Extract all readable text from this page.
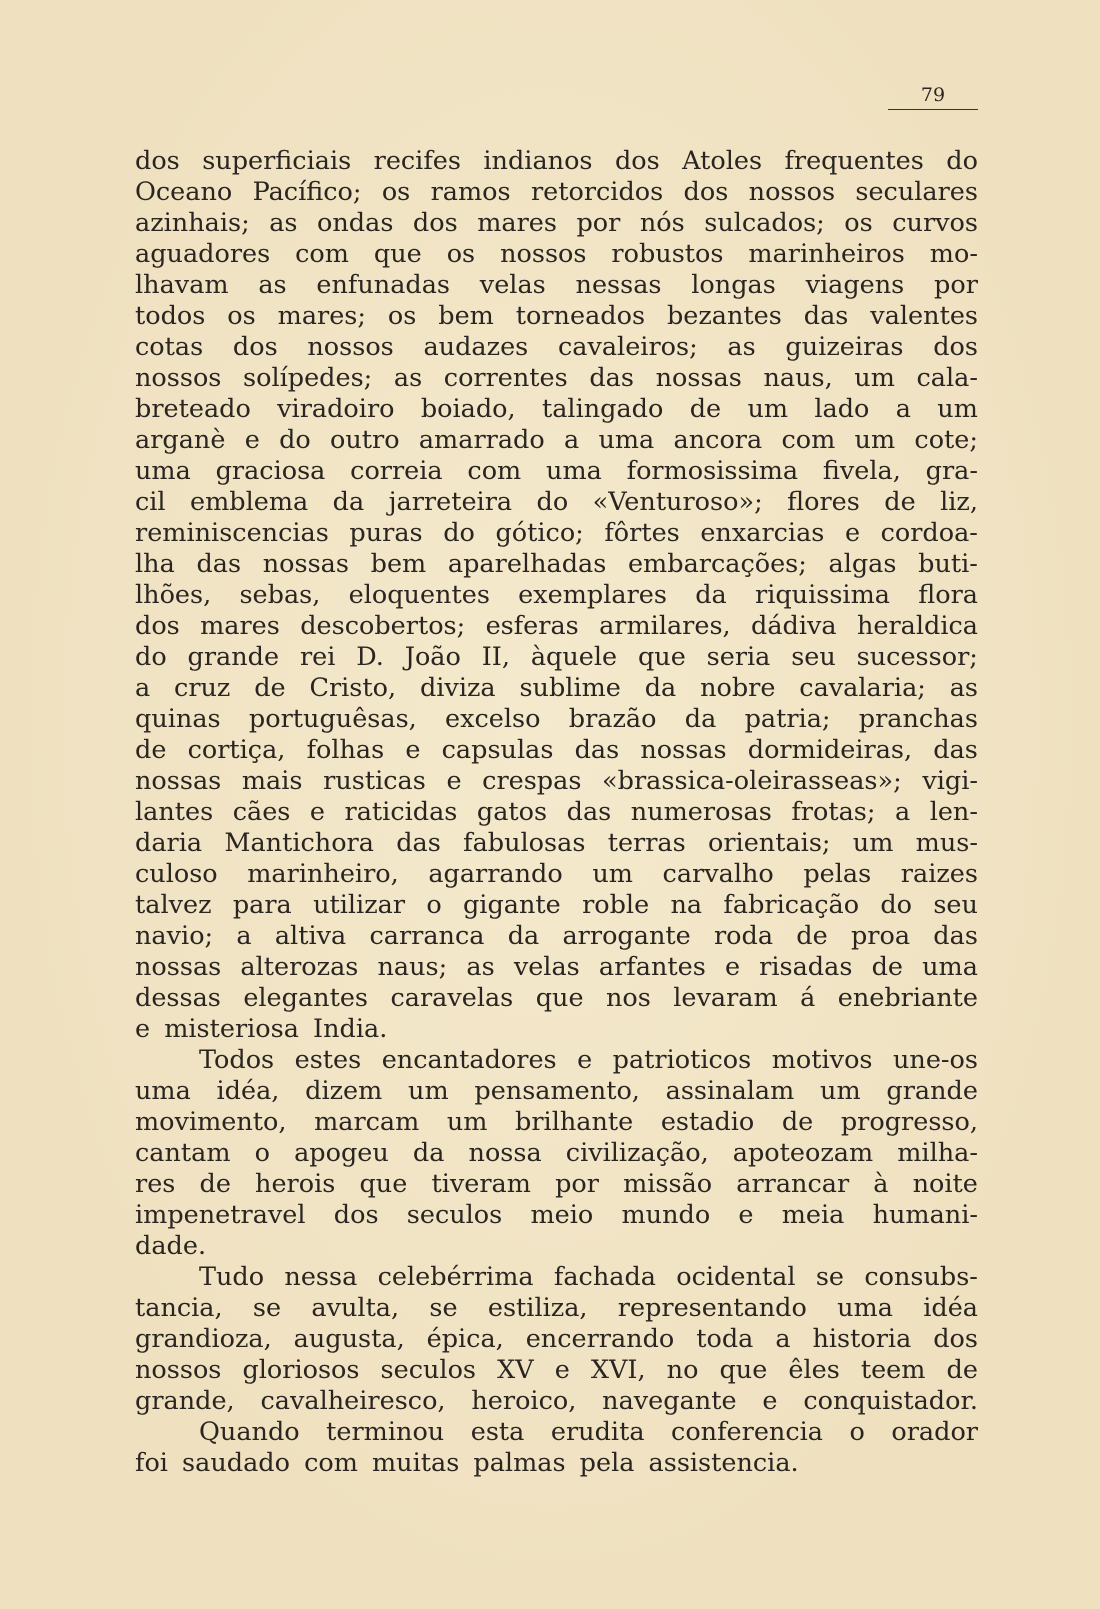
79
dos superficiais recifes indianos dos Atoles frequentes do
Oceano Pacífico; os ramos retorcidos dos nossos seculares
azinhais; as ondas dos mares por nós sulcados; os curvos
aguadores com que os nossos robustos marinheiros mo-
lhavam as enfunadas velas nessas longas viagens por
todos os mares; os bem torneados bezantes das valentes
cotas dos nossos audazes cavaleiros; as guizeiras dos
nossos solípedes; as correntes das nossas naus, um cala-
breteado viradoiro boiado, talingado de um lado a um
arganè e do outro amarrado a uma ancora com um cote;
uma graciosa correia com uma formosissima fivela, gra-
cil emblema da jarreteira do «Venturoso»; flores de liz,
reminiscencias puras do gótico; fôrtes enxarcias e cordoa-
lha das nossas bem aparelhadas embarcações; algas buti-
lhões, sebas, eloquentes exemplares da riquissima flora
dos mares descobertos; esferas armilares, dádiva heraldica
do grande rei D. João II, àquele que seria seu sucessor;
a cruz de Cristo, diviza sublime da nobre cavalaria; as
quinas portuguêsas, excelso brazão da patria; pranchas
de cortiça, folhas e capsulas das nossas dormideiras, das
nossas mais rusticas e crespas «brassica-oleirasseas»; vigi-
lantes cães e raticidas gatos das numerosas frotas; a len-
daria Mantichora das fabulosas terras orientais; um mus-
culoso marinheiro, agarrando um carvalho pelas raizes
talvez para utilizar o gigante roble na fabricação do seu
navio; a altiva carranca da arrogante roda de proa das
nossas alterozas naus; as velas arfantes e risadas de uma
dessas elegantes caravelas que nos levaram á enebriante
e misteriosa India.
Todos estes encantadores e patrioticos motivos une-os
uma idéa, dizem um pensamento, assinalam um grande
movimento, marcam um brilhante estadio de progresso,
cantam o apogeu da nossa civilização, apoteozam milha-
res de herois que tiveram por missão arrancar à noite
impenetravel dos seculos meio mundo e meia humani-
dade.
Tudo nessa celebérrima fachada ocidental se consubs-
tancia, se avulta, se estiliza, representando uma idéa
grandioza, augusta, épica, encerrando toda a historia dos
nossos gloriosos seculos XV e XVI, no que êles teem de
grande, cavalheiresco, heroico, navegante e conquistador.
Quando terminou esta erudita conferencia o orador
foi saudado com muitas palmas pela assistencia.
